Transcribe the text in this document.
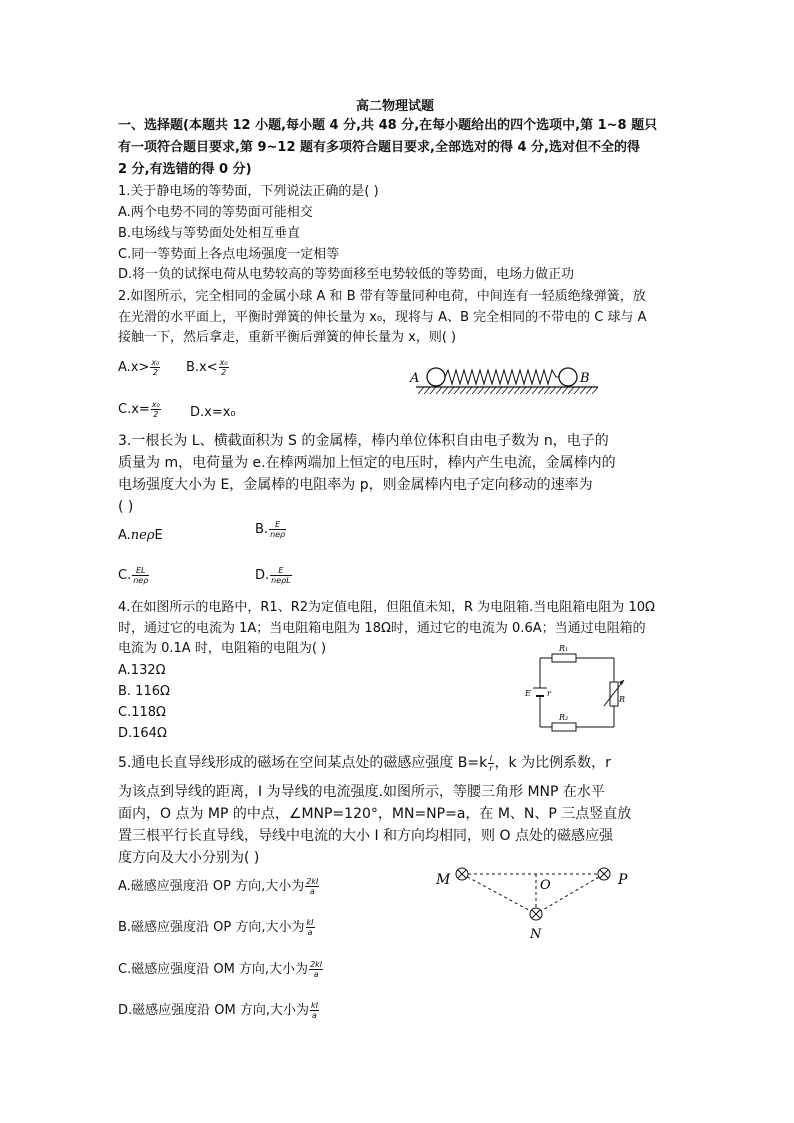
高二物理试题
一、选择题(本题共 12 小题,每小题 4 分,共 48 分,在每小题给出的四个选项中,第 1~8 题只
有一项符合题目要求,第 9~12 题有多项符合题目要求,全部选对的得 4 分,选对但不全的得
2 分,有选错的得 0 分)
1.关于静电场的等势面，下列说法正确的是( )
A.两个电势不同的等势面可能相交
B.电场线与等势面处处相互垂直
C.同一等势面上各点电场强度一定相等
D.将一负的试探电荷从电势较高的等势面移至电势较低的等势面，电场力做正功
2.如图所示，完全相同的金属小球 A 和 B 带有等量同种电荷，中间连有一轻质绝缘弹簧，放
在光滑的水平面上，平衡时弹簧的伸长量为 x₀，现将与 A、B 完全相同的不带电的 C 球与 A
接触一下，然后拿走，重新平衡后弹簧的伸长量为 x，则( )
$A.x> \frac{\text{x₀}}{2} B.x< \frac{\text{x₀}}{2}$
$C.x= \frac{\text{x₀}}{2} D.x=x_0$
A	B
3.一根长为 L、横截面积为 S 的金属棒，棒内单位体积自由电子数为 n，电子的
质量为 m，电荷量为 e.在棒两端加上恒定的电压时，棒内产生电流，金属棒内的
电场强度大小为 E，金属棒的电阻率为 p，则金属棒内电子定向移动的速率为
( )
A.neρE	B. $\frac{E}{\text{neρ}}$
C. $\frac{EL}{\text{neρ}}$	D. $\frac{E}{\text{neρL}}$
4.在如图所示的电路中，R1、R2为定值电阻，但阻值未知，R 为电阻箱.当电阻箱电阻为 10Ω
时，通过它的电流为 1A；当电阻箱电阻为 18Ω时，通过它的电流为 0.6A；当通过电阻箱的
电流为 0.1A 时，电阻箱的电阻为( )
A.132Ω
B. 116Ω
C.118Ω
D.164Ω
R₁
R₂
E r
R
5.通电长直导线形成的磁场在空间某点处的磁感应强度 $B=k \frac{I}{r}$ ，k 为比例系数，r
为该点到导线的距离，I 为导线的电流强度.如图所示，等腰三角形 MNP 在水平
面内，O 点为 MP 的中点，∠MNP=120°，MN=NP=a，在 M、N、P 三点竖直放
置三根平行长直导线，导线中电流的大小 I 和方向均相同，则 O 点处的磁感应强
度方向及大小分别为( )
A.磁感应强度沿 OP 方向,大小为 $\frac{2kI}{a}$
B.磁感应强度沿 OP 方向,大小为 $\frac{kI}{a}$
C.磁感应强度沿 OM 方向,大小为 $\frac{2kI}{a}$
D.磁感应强度沿 OM 方向,大小为 $\frac{kI}{a}$
M	O	P
N
